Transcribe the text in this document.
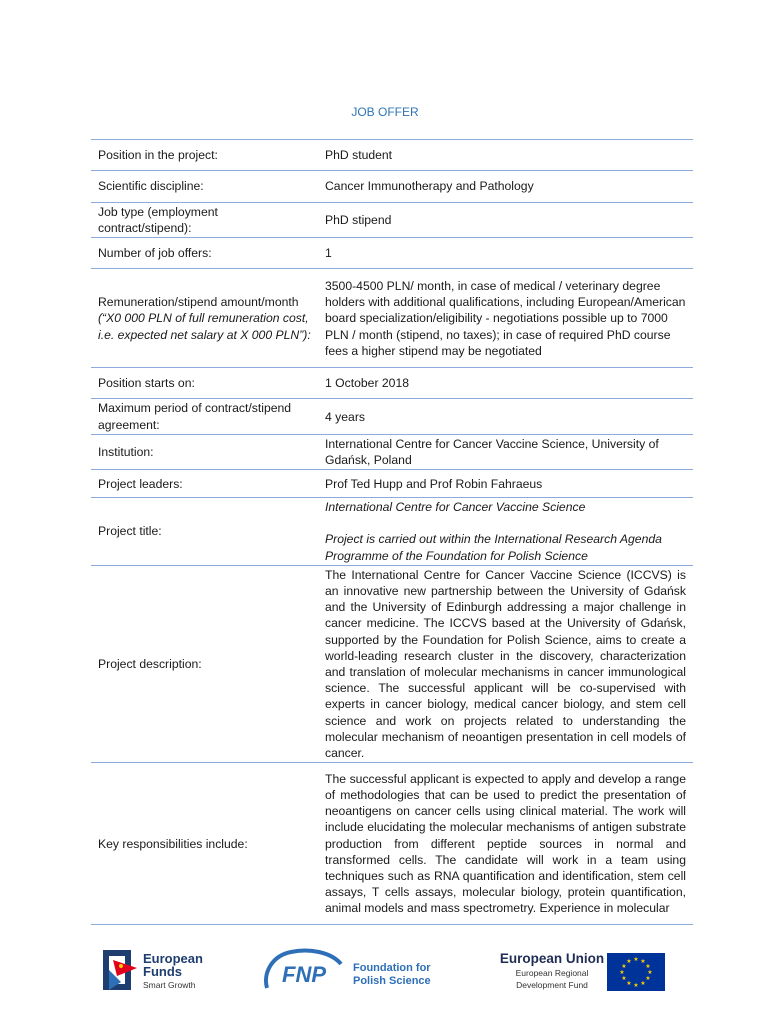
JOB OFFER
Position in the project:	PhD student
Scientific discipline:	Cancer Immunotherapy and Pathology
Job type (employment contract/stipend):	PhD stipend
Number of job offers:	1
Remuneration/stipend amount/month (“X0 000 PLN of full remuneration cost, i.e. expected net salary at X 000 PLN”):	3500-4500 PLN/ month, in case of medical / veterinary degree holders with additional qualifications, including European/American board specialization/eligibility - negotiations possible up to 7000 PLN / month (stipend, no taxes); in case of required PhD course fees a higher stipend may be negotiated
Position starts on:	1 October 2018
Maximum period of contract/stipend agreement:	4 years
Institution:	International Centre for Cancer Vaccine Science, University of Gdańsk, Poland
Project leaders:	Prof Ted Hupp and Prof Robin Fahraeus
Project title:	International Centre for Cancer Vaccine Science
Project is carried out within the International Research Agenda Programme of the Foundation for Polish Science

Project description:	The International Centre for Cancer Vaccine Science (ICCVS) is an innovative new partnership between the University of Gdańsk and the University of Edinburgh addressing a major challenge in cancer medicine. The ICCVS based at the University of Gdańsk, supported by the Foundation for Polish Science, aims to create a world-leading research cluster in the discovery, characterization and translation of molecular mechanisms in cancer immunological science. The successful applicant will be co-supervised with experts in cancer biology, medical cancer biology, and stem cell science and work on projects related to understanding the molecular mechanism of neoantigen presentation in cell models of cancer.
Key responsibilities include:	The successful applicant is expected to apply and develop a range of methodologies that can be used to predict the presentation of neoantigens on cancer cells using clinical material. The work will include elucidating the molecular mechanisms of antigen substrate production from different peptide sources in normal and transformed cells. The candidate will work in a team using techniques such as RNA quantification and identification, stem cell assays, T cells assays, molecular biology, protein quantification, animal models and mass spectrometry. Experience in molecular
European
Funds
Smart Growth	FNP Foundation for
Polish Science
European Union
European Regional
Development Fund
★ ★
★
★
★
★
★
★
★
★
★
★
